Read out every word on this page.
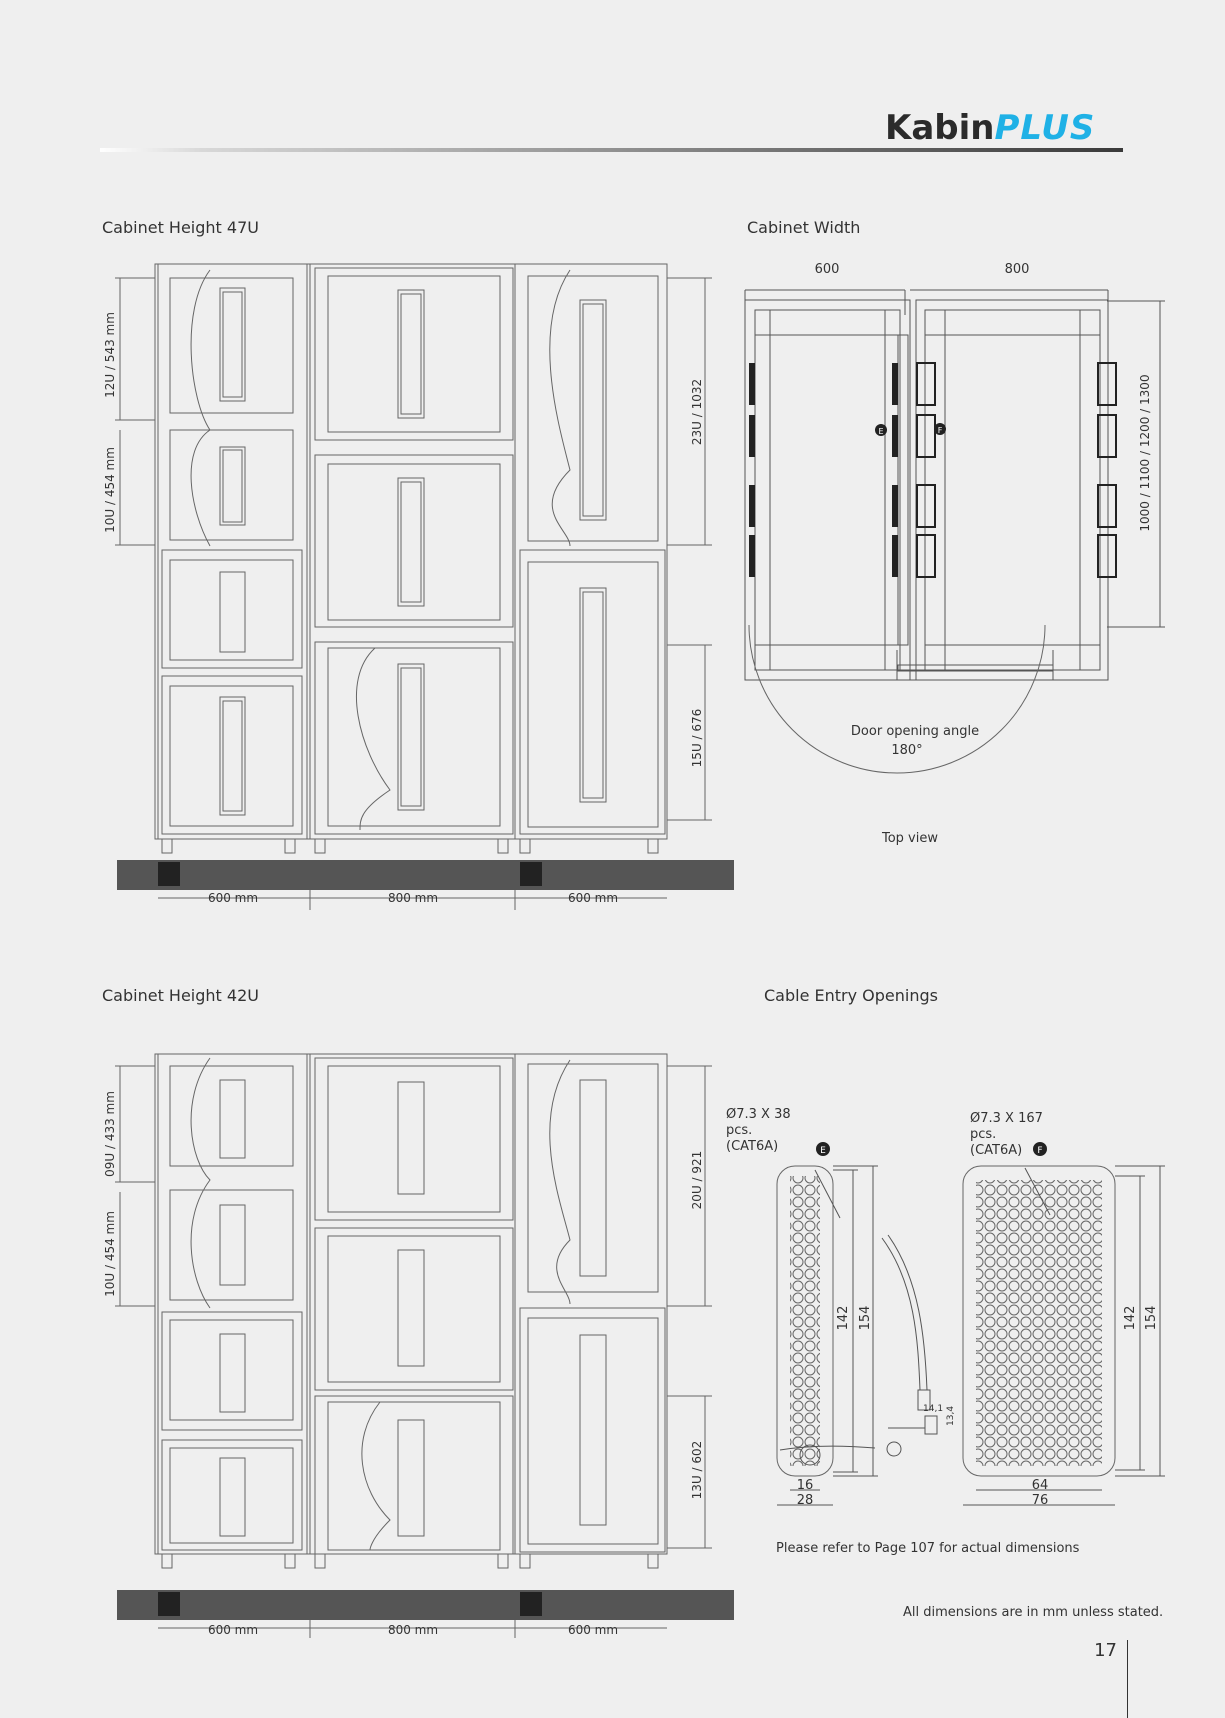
KabinPLUS
Cabinet Height 47U	Cabinet Width
Cabinet Height 42U	Cable Entry Openings
12U / 543 mm
10U / 454 mm
23U / 1032
15U / 676
600 mm	800 mm	600 mm
E	F
600	800
1000 / 1100 / 1200 / 1300
Door opening angle
180°
Top view
09U / 433 mm
10U / 454 mm
20U / 921
13U / 602
600 mm	800 mm	600 mm
E	F
Ø7.3 X 38
pcs.
(CAT6A)
Ø7.3 X 167
pcs.
(CAT6A)
142 154
16
28
142 154
64
76
14,1 13,4
Please refer to Page 107 for actual dimensions
All dimensions are in mm unless stated.
17
